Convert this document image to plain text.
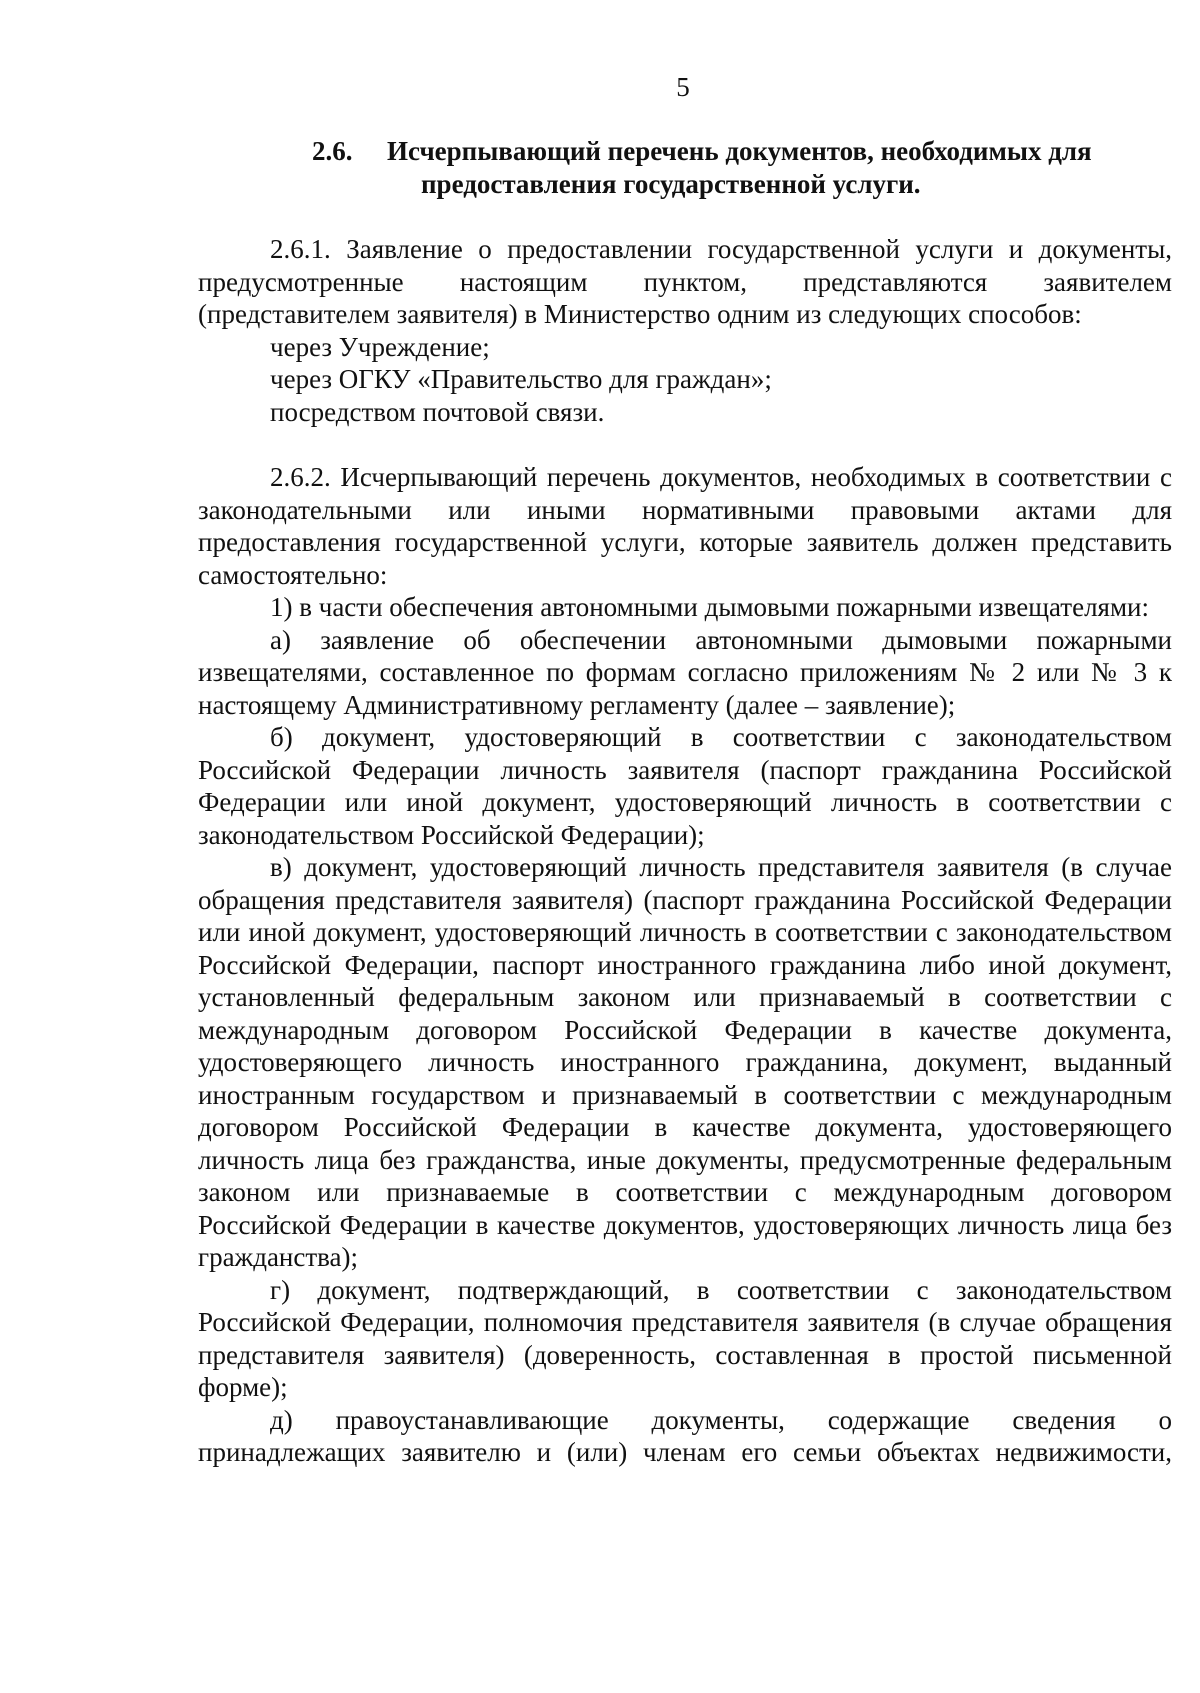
5
2.6. Исчерпывающий перечень документов, необходимых для
предоставления государственной услуги.

2.6.1. Заявление о предоставлении государственной услуги и документы, предусмотренные настоящим пунктом, представляются заявителем (представителем заявителя) в Министерство одним из следующих способов:

через Учреждение;

через ОГКУ «Правительство для граждан»;

посредством почтовой связи.

2.6.2. Исчерпывающий перечень документов, необходимых в соответствии с законодательными или иными нормативными правовыми актами для предоставления государственной услуги, которые заявитель должен представить самостоятельно:

1) в части обеспечения автономными дымовыми пожарными извещателями:

а) заявление об обеспечении автономными дымовыми пожарными извещателями, составленное по формам согласно приложениям № 2 или № 3 к настоящему Административному регламенту (далее – заявление);

б) документ, удостоверяющий в соответствии с законодательством Российской Федерации личность заявителя (паспорт гражданина Российской Федерации или иной документ, удостоверяющий личность в соответствии с законодательством Российской Федерации);

в) документ, удостоверяющий личность представителя заявителя (в случае обращения представителя заявителя) (паспорт гражданина Российской Федерации или иной документ, удостоверяющий личность в соответствии с законодательством Российской Федерации, паспорт иностранного гражданина либо иной документ, установленный федеральным законом или признаваемый в соответствии с международным договором Российской Федерации в качестве документа, удостоверяющего личность иностранного гражданина, документ, выданный иностранным государством и признаваемый в соответствии с международным договором Российской Федерации в качестве документа, удостоверяющего личность лица без гражданства, иные документы, предусмотренные федеральным законом или признаваемые в соответствии с международным договором Российской Федерации в качестве документов, удостоверяющих личность лица без гражданства);

г) документ, подтверждающий, в соответствии с законодательством Российской Федерации, полномочия представителя заявителя (в случае обращения представителя заявителя) (доверенность, составленная в простой письменной форме);

д) правоустанавливающие документы, содержащие сведения о принадлежащих заявителю и (или) членам его семьи объектах недвижимости,
